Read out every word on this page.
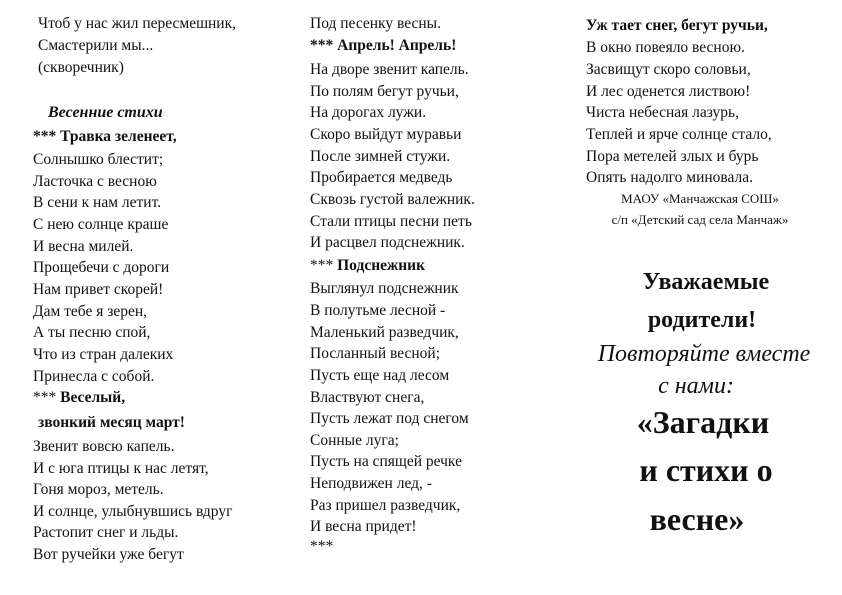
Чтоб у нас жил пересмешник,
Смастерили мы...
(скворечник)
Весенние стихи
*** Травка зеленеет,
Солнышко блестит;
Ласточка с весною
В сени к нам летит.
С нею солнце краше
И весна милей.
Прощебечи с дороги
Нам привет скорей!
Дам тебе я зерен,
А ты песню спой,
Что из стран далеких
Принесла с собой.
*** Веселый,
звонкий месяц март!
Звенит вовсю капель.
И с юга птицы к нас летят,
Гоня мороз, метель.
И солнце, улыбнувшись вдруг
Растопит снег и льды.
Вот ручейки уже бегут
Под песенку весны.
*** Апрель! Апрель!
На дворе звенит капель.
По полям бегут ручьи,
На дорогах лужи.
Скоро выйдут муравьи
После зимней стужи.
Пробирается медведь
Сквозь густой валежник.
Стали птицы песни петь
И расцвел подснежник.
*** Подснежник
Выглянул подснежник
В полутьме лесной -
Маленький разведчик,
Посланный весной;
Пусть еще над лесом
Властвуют снега,
Пусть лежат под снегом
Сонные луга;
Пусть на спящей речке
Неподвижен лед, -
Раз пришел разведчик,
И весна придет!
***
Уж тает снег, бегут ручьи,
В окно повеяло весною.
Засвищут скоро соловьи,
И лес оденется листвою!
Чиста небесная лазурь,
Теплей и ярче солнце стало,
Пора метелей злых и бурь
Опять надолго миновала.
МАОУ «Манчажская СОШ»
с/п «Детский сад села Манчаж»
Уважаемые
родители!
Повторяйте вместе
с нами:
«Загадки
и стихи о
весне»
